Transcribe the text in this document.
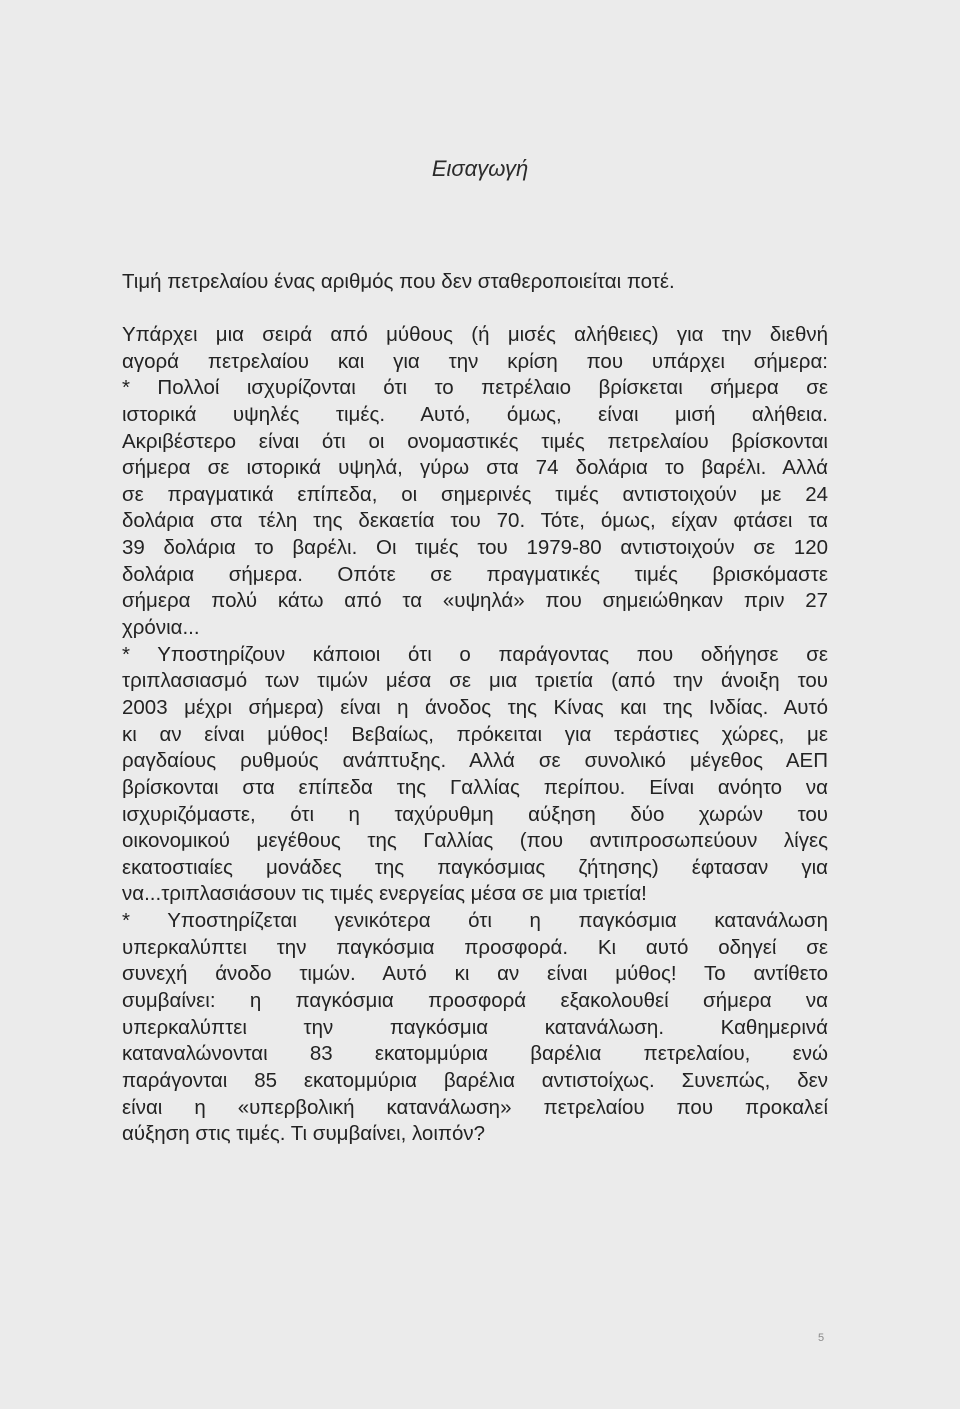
Εισαγωγή

Τιμή πετρελαίου ένας αριθμός που δεν σταθεροποιείται ποτέ.

Υπάρχει μια σειρά από μύθους (ή μισές αλήθειες) για την διεθνή
αγορά πετρελαίου και για την κρίση που υπάρχει σήμερα:
* Πολλοί ισχυρίζονται ότι το πετρέλαιο βρίσκεται σήμερα σε
ιστορικά υψηλές τιμές. Αυτό, όμως, είναι μισή αλήθεια.
Ακριβέστερο είναι ότι οι ονομαστικές τιμές πετρελαίου βρίσκονται
σήμερα σε ιστορικά υψηλά, γύρω στα 74 δολάρια το βαρέλι. Αλλά
σε πραγματικά επίπεδα, οι σημερινές τιμές αντιστοιχούν με 24
δολάρια στα τέλη της δεκαετία του 70. Τότε, όμως, είχαν φτάσει τα
39 δολάρια το βαρέλι. Οι τιμές του 1979-80 αντιστοιχούν σε 120
δολάρια σήμερα. Οπότε σε πραγματικές τιμές βρισκόμαστε
σήμερα πολύ κάτω από τα «υψηλά» που σημειώθηκαν πριν 27
χρόνια...
* Υποστηρίζουν κάποιοι ότι ο παράγοντας που οδήγησε σε
τριπλασιασμό των τιμών μέσα σε μια τριετία (από την άνοιξη του
2003 μέχρι σήμερα) είναι η άνοδος της Κίνας και της Ινδίας. Αυτό
κι αν είναι μύθος! Βεβαίως, πρόκειται για τεράστιες χώρες, με
ραγδαίους ρυθμούς ανάπτυξης. Αλλά σε συνολικό μέγεθος ΑΕΠ
βρίσκονται στα επίπεδα της Γαλλίας περίπου. Είναι ανόητο να
ισχυριζόμαστε, ότι η ταχύρυθμη αύξηση δύο χωρών του
οικονομικού μεγέθους της Γαλλίας (που αντιπροσωπεύουν λίγες
εκατοστιαίες μονάδες της παγκόσμιας ζήτησης) έφτασαν για
να...τριπλασιάσουν τις τιμές ενεργείας μέσα σε μια τριετία!
* Υποστηρίζεται γενικότερα ότι η παγκόσμια κατανάλωση
υπερκαλύπτει την παγκόσμια προσφορά. Κι αυτό οδηγεί σε
συνεχή άνοδο τιμών. Αυτό κι αν είναι μύθος! Το αντίθετο
συμβαίνει: η παγκόσμια προσφορά εξακολουθεί σήμερα να
υπερκαλύπτει την παγκόσμια κατανάλωση. Καθημερινά
καταναλώνονται 83 εκατομμύρια βαρέλια πετρελαίου, ενώ
παράγονται 85 εκατομμύρια βαρέλια αντιστοίχως. Συνεπώς, δεν
είναι η «υπερβολική κατανάλωση» πετρελαίου που προκαλεί
αύξηση στις τιμές. Τι συμβαίνει, λοιπόν?

5
